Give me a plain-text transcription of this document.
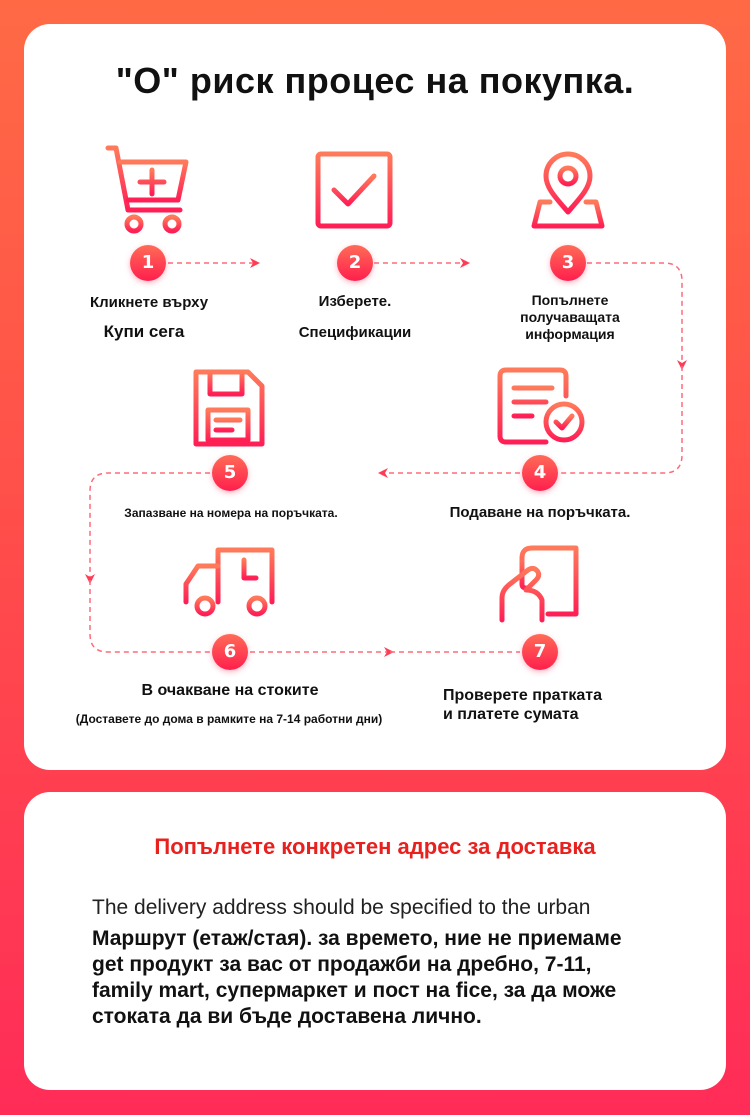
"О" риск процес на покупка.
1	2	3
4
5
6	7
Кликнете върху
Купи сега
Изберете.
Спецификации
Попълнете
получаващата
информация
Подаване на поръчката.
Запазване на номера на поръчката.
В очакване на стоките
(Доставете до дома в рамките на 7-14 работни дни)
Проверете пратката
и платете сумата
Попълнете конкретен адрес за доставка
The delivery address should be specified to the urban
Маршрут (етаж/стая). за времето, ние не приемаме get продукт за вас от продажби на дребно, 7-11, family mart, супермаркет и пост на fice, за да може стоката да ви бъде доставена лично.
